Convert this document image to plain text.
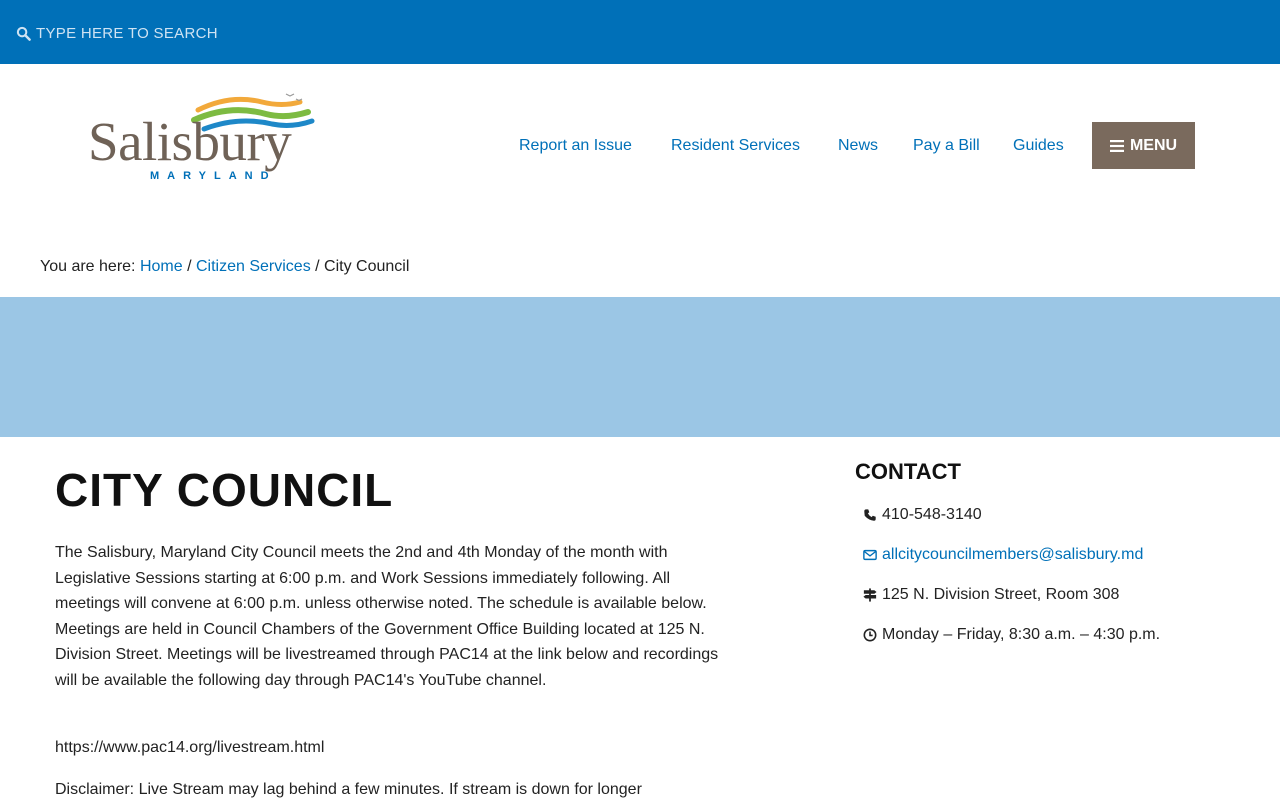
TYPE HERE TO SEARCH
Salisbury
MARYLAND
Report an Issue Resident Services News Pay a Bill Guides	MENU
You are here: Home / Citizen Services / City Council
CITY COUNCIL

The Salisbury, Maryland City Council meets the 2nd and 4th Monday of the month with Legislative Sessions starting at 6:00 p.m. and Work Sessions immediately following. All meetings will convene at 6:00 p.m. unless otherwise noted. The schedule is available below. Meetings are held in Council Chambers of the Government Office Building located at 125 N. Division Street. Meetings will be livestreamed through PAC14 at the link below and recordings will be available the following day through PAC14's YouTube channel.

https://www.pac14.org/livestream.html

Disclaimer: Live Stream may lag behind a few minutes. If stream is down for longer

CONTACT
410-548-3140
allcitycouncilmembers@salisbury.md
125 N. Division Street, Room 308
Monday – Friday, 8:30 a.m. – 4:30 p.m.
